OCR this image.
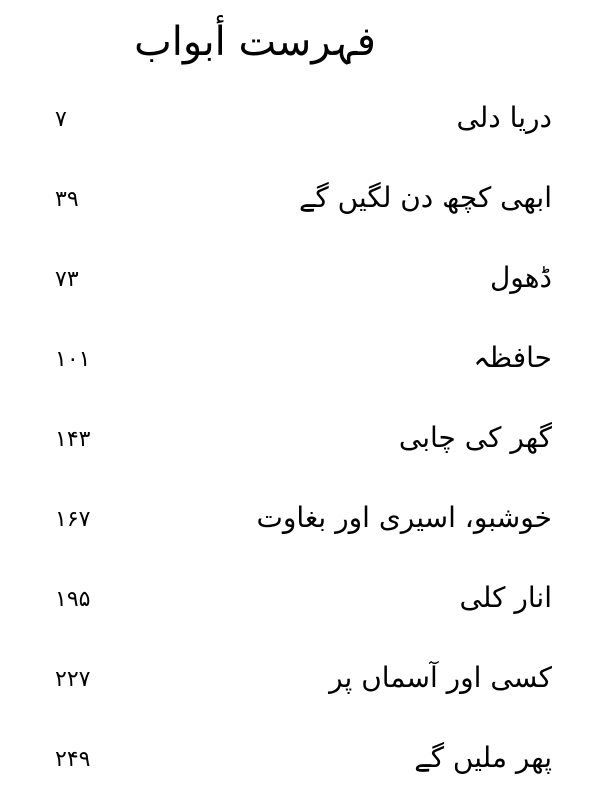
فہرست أبواب
دریا دلی
۷
ابھی کچھ دن لگیں گے
۳۹
ڈھول
۷۳
حافظہ
۱۰۱
گھر کی چابی
۱۴۳
خوشبو، اسیری اور بغاوت
۱۶۷
انار کلی
۱۹۵
کسی اور آسماں پر
۲۲۷
پھر ملیں گے
۲۴۹
